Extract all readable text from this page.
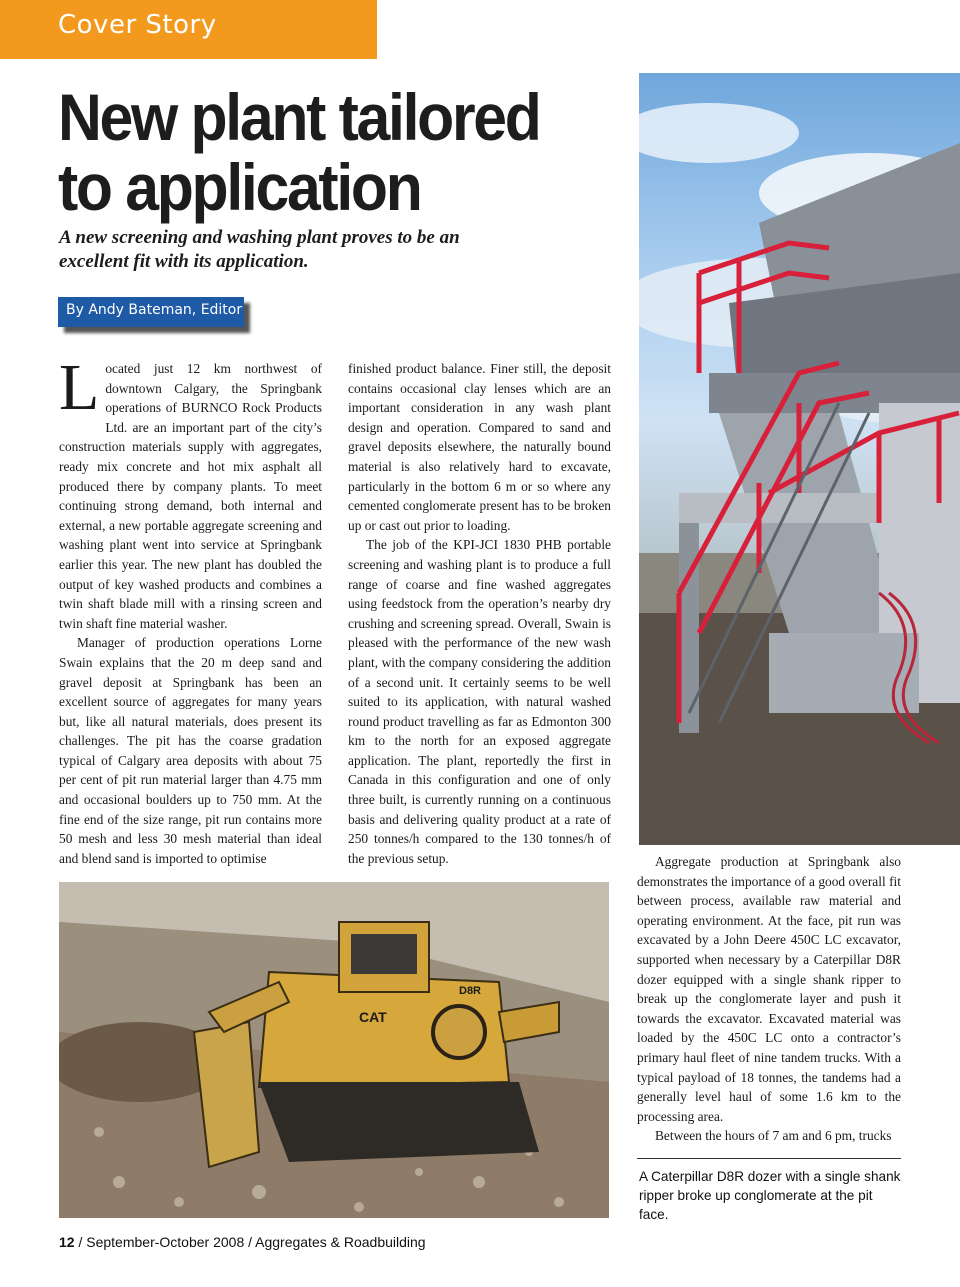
Cover Story
New plant tailored to application
A new screening and washing plant proves to be an excellent fit with its application.
By Andy Bateman, Editor
L ocated just 12 km northwest of downtown Calgary, the Springbank operations of BURNCO Rock Products Ltd. are an important part of the city’s construction materials supply with aggregates, ready mix concrete and hot mix asphalt all produced there by company plants. To meet continuing strong demand, both internal and external, a new portable aggregate screening and washing plant went into service at Springbank earlier this year. The new plant has doubled the output of key washed products and combines a twin shaft blade mill with a rinsing screen and twin shaft fine material washer.

Manager of production operations Lorne Swain explains that the 20 m deep sand and gravel deposit at Springbank has been an excellent source of aggregates for many years but, like all natural materials, does present its challenges. The pit has the coarse gradation typical of Calgary area deposits with about 75 per cent of pit run material larger than 4.75 mm and occasional boulders up to 750 mm. At the fine end of the size range, pit run contains more 50 mesh and less 30 mesh material than ideal and blend sand is imported to optimise

finished product balance. Finer still, the deposit contains occasional clay lenses which are an important consideration in any wash plant design and operation. Compared to sand and gravel deposits elsewhere, the naturally bound material is also relatively hard to excavate, particularly in the bottom 6 m or so where any cemented conglomerate present has to be broken up or cast out prior to loading.

The job of the KPI-JCI 1830 PHB portable screening and washing plant is to produce a full range of coarse and fine washed aggregates using feedstock from the operation’s nearby dry crushing and screening spread. Overall, Swain is pleased with the performance of the new wash plant, with the company considering the addition of a second unit. It certainly seems to be well suited to its application, with natural washed round product travelling as far as Edmonton 300 km to the north for an exposed aggregate application. The plant, reportedly the first in Canada in this configuration and one of only three built, is currently running on a continuous basis and delivering quality product at a rate of 250 tonnes/h compared to the 130 tonnes/h of the previous setup.	Aggregate production at Springbank also demonstrates the importance of a good overall fit between process, available raw material and operating environment. At the face, pit run was excavated by a John Deere 450C LC excavator, supported when necessary by a Caterpillar D8R dozer equipped with a single shank ripper to break up the conglomerate layer and push it towards the excavator. Excavated material was loaded by the 450C LC onto a contractor’s primary haul fleet of nine tandem trucks. With a typical payload of 18 tonnes, the tandems had a generally level haul of some 1.6 km to the processing area.

Between the hours of 7 am and 6 pm, trucks

CAT
D8R
A Caterpillar D8R dozer with a single shank ripper broke up conglomerate at the pit face.
12 / September-October 2008 / Aggregates & Roadbuilding
